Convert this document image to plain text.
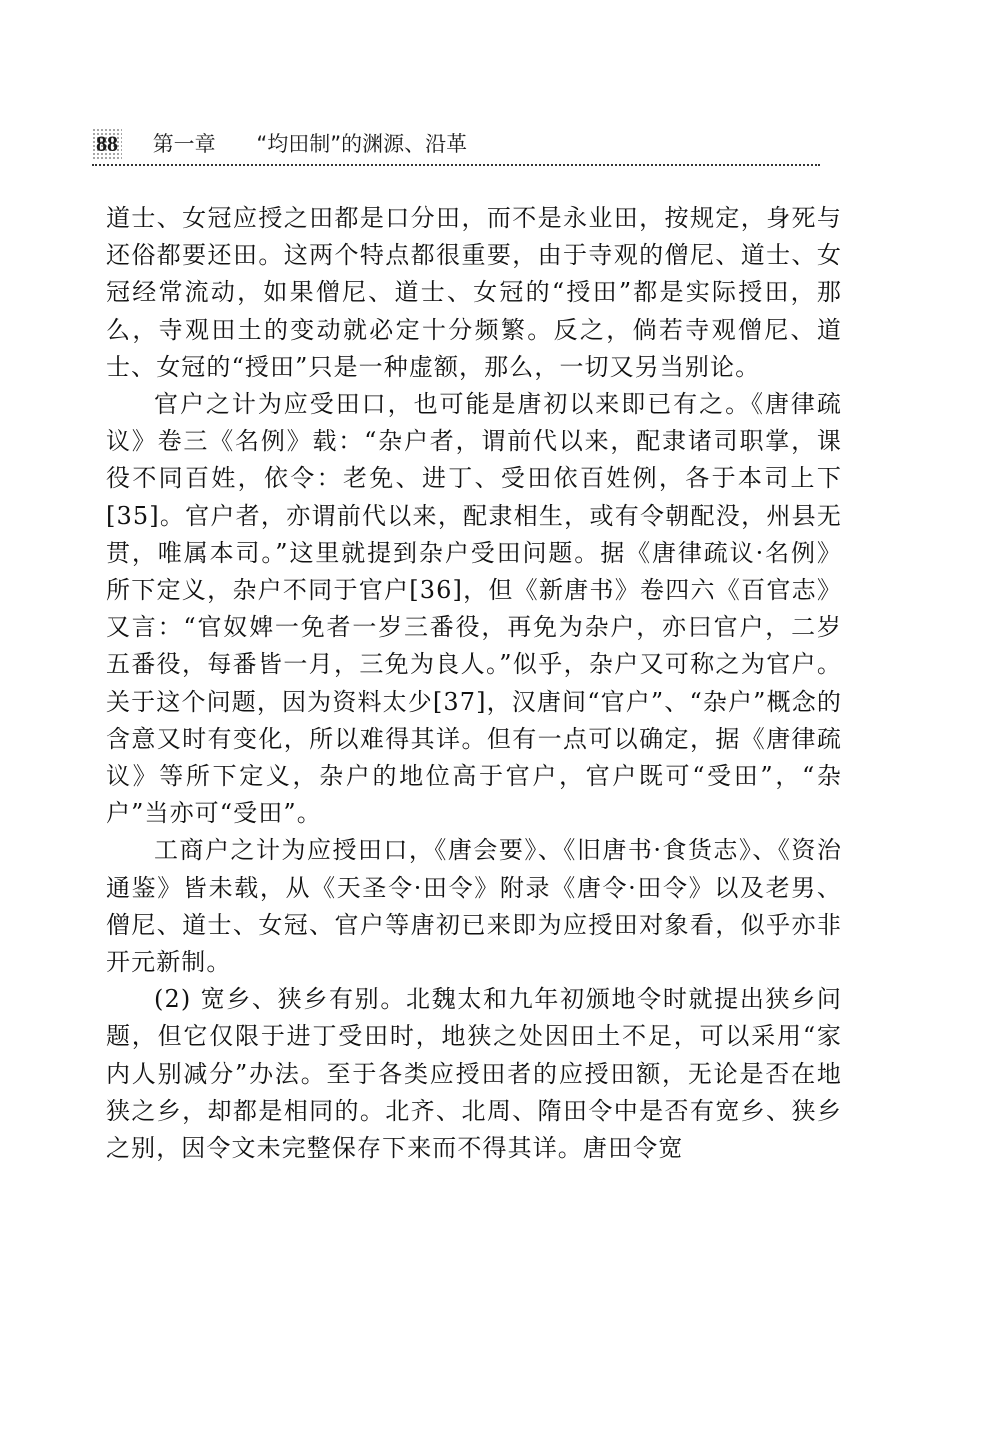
88 第一章 “均田制”的渊源、沿革

道士、女冠应授之田都是口分田，而不是永业田，按规定，身死与还俗都要还田。这两个特点都很重要，由于寺观的僧尼、道士、女冠经常流动，如果僧尼、道士、女冠的“授田”都是实际授田，那么，寺观田土的变动就必定十分频繁。反之，倘若寺观僧尼、道士、女冠的“授田”只是一种虚额，那么，一切又另当别论。

官户之计为应受田口，也可能是唐初以来即已有之。《唐律疏议》卷三《名例》载：“杂户者，谓前代以来，配隶诸司职掌，课役不同百姓，依令：老免、进丁、受田依百姓例，各于本司上下[35]。官户者，亦谓前代以来，配隶相生，或有令朝配没，州县无贯，唯属本司。”这里就提到杂户受田问题。据《唐律疏议·名例》所下定义，杂户不同于官户[36]，但《新唐书》卷四六《百官志》又言：“官奴婢一免者一岁三番役，再免为杂户，亦曰官户，二岁五番役，每番皆一月，三免为良人。”似乎，杂户又可称之为官户。关于这个问题，因为资料太少[37]，汉唐间“官户”、“杂户”概念的含意又时有变化，所以难得其详。但有一点可以确定，据《唐律疏议》等所下定义，杂户的地位高于官户，官户既可“受田”，“杂户”当亦可“受田”。

工商户之计为应授田口，《唐会要》、《旧唐书·食货志》、《资治通鉴》皆未载，从《天圣令·田令》附录《唐令·田令》以及老男、僧尼、道士、女冠、官户等唐初已来即为应授田对象看，似乎亦非开元新制。

(2) 宽乡、狭乡有别。北魏太和九年初颁地令时就提出狭乡问题，但它仅限于进丁受田时，地狭之处因田土不足，可以采用“家内人别减分”办法。至于各类应授田者的应授田额，无论是否在地狭之乡，却都是相同的。北齐、北周、隋田令中是否有宽乡、狭乡之别，因令文未完整保存下来而不得其详。唐田令宽
